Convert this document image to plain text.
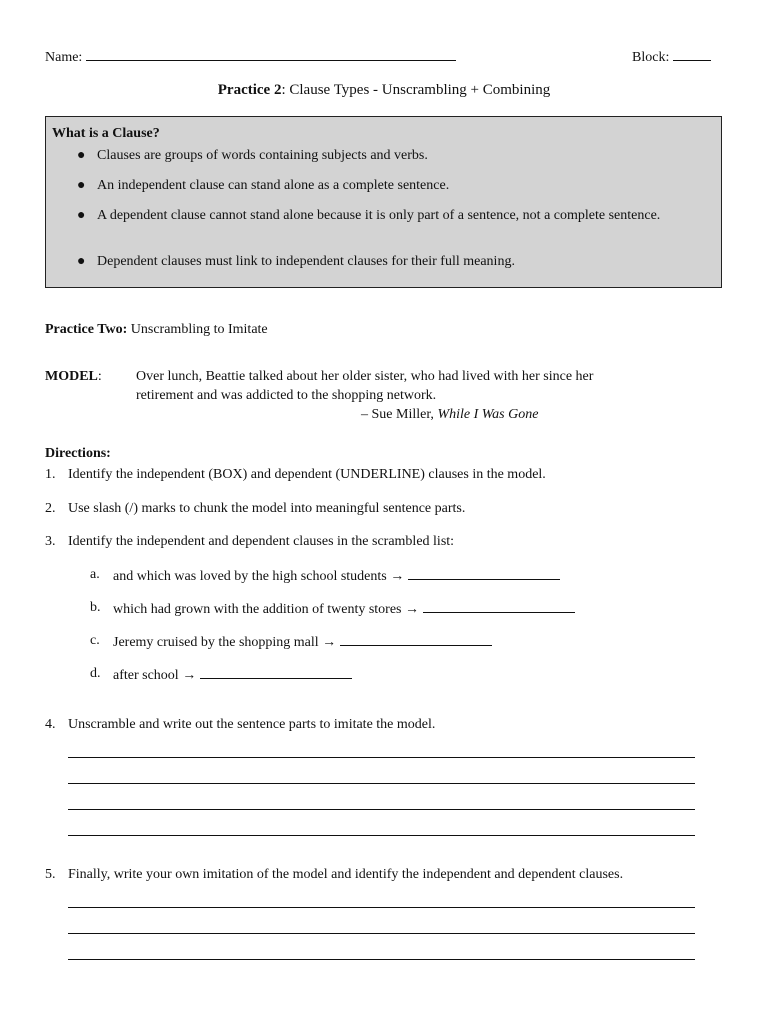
Name:	Block:
Practice 2: Clause Types - Unscrambling + Combining
What is a Clause?
● Clauses are groups of words containing subjects and verbs.
● An independent clause can stand alone as a complete sentence.
● A dependent clause cannot stand alone because it is only part of a sentence, not a complete sentence.
● Dependent clauses must link to independent clauses for their full meaning.
Practice Two: Unscrambling to Imitate
MODEL: Over lunch, Beattie talked about her older sister, who had lived with her since her
retirement and was addicted to the shopping network.
– Sue Miller, While I Was Gone
Directions:
1. Identify the independent (BOX) and dependent (UNDERLINE) clauses in the model.
2. Use slash (/) marks to chunk the model into meaningful sentence parts.
3. Identify the independent and dependent clauses in the scrambled list:
a. and which was loved by the high school students →
b. which had grown with the addition of twenty stores →
c. Jeremy cruised by the shopping mall →
d. after school →
4. Unscramble and write out the sentence parts to imitate the model.
5. Finally, write your own imitation of the model and identify the independent and dependent clauses.
